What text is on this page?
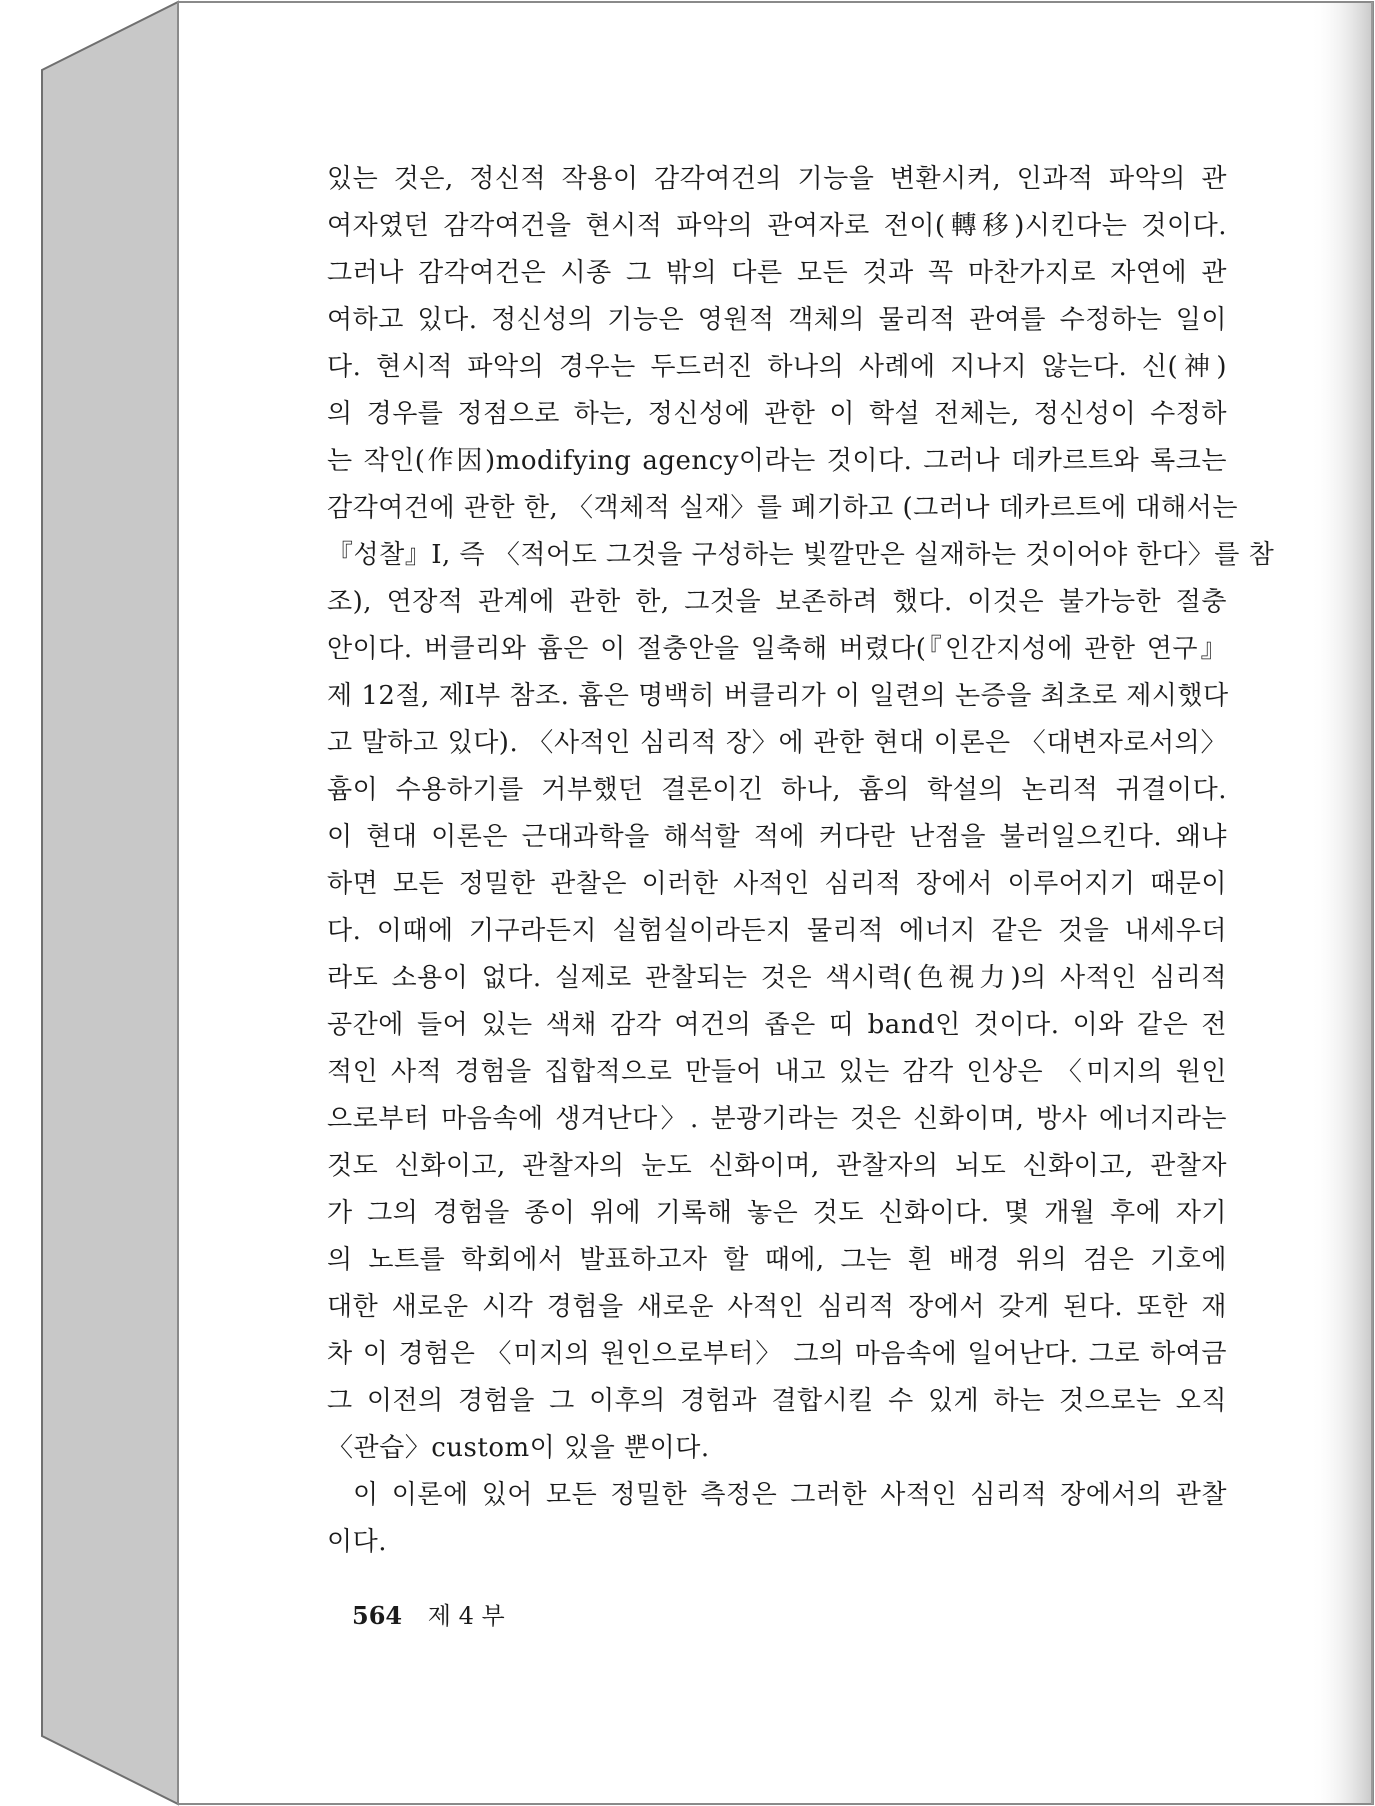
있는 것은, 정신적 작용이 감각여건의 기능을 변환시켜, 인과적 파악의 관
여자였던 감각여건을 현시적 파악의 관여자로 전이(轉移)시킨다는 것이다.
그러나 감각여건은 시종 그 밖의 다른 모든 것과 꼭 마찬가지로 자연에 관
여하고 있다. 정신성의 기능은 영원적 객체의 물리적 관여를 수정하는 일이
다. 현시적 파악의 경우는 두드러진 하나의 사례에 지나지 않는다. 신(神)
의 경우를 정점으로 하는, 정신성에 관한 이 학설 전체는, 정신성이 수정하
는 작인(作因)modifying agency이라는 것이다. 그러나 데카르트와 록크는
감각여건에 관한 한, 〈객체적 실재〉를 폐기하고 (그러나 데카르트에 대해서는
『성찰』Ⅰ, 즉 〈적어도 그것을 구성하는 빛깔만은 실재하는 것이어야 한다〉를 참
조), 연장적 관계에 관한 한, 그것을 보존하려 했다. 이것은 불가능한 절충
안이다. 버클리와 흄은 이 절충안을 일축해 버렸다(『인간지성에 관한 연구』
제 12절, 제Ⅰ부 참조. 흄은 명백히 버클리가 이 일련의 논증을 최초로 제시했다
고 말하고 있다). 〈사적인 심리적 장〉에 관한 현대 이론은 〈대변자로서의〉
흄이 수용하기를 거부했던 결론이긴 하나, 흄의 학설의 논리적 귀결이다.
이 현대 이론은 근대과학을 해석할 적에 커다란 난점을 불러일으킨다. 왜냐
하면 모든 정밀한 관찰은 이러한 사적인 심리적 장에서 이루어지기 때문이
다. 이때에 기구라든지 실험실이라든지 물리적 에너지 같은 것을 내세우더
라도 소용이 없다. 실제로 관찰되는 것은 색시력(色視力)의 사적인 심리적
공간에 들어 있는 색채 감각 여건의 좁은 띠 band인 것이다. 이와 같은 전
적인 사적 경험을 집합적으로 만들어 내고 있는 감각 인상은 〈미지의 원인
으로부터 마음속에 생겨난다〉. 분광기라는 것은 신화이며, 방사 에너지라는
것도 신화이고, 관찰자의 눈도 신화이며, 관찰자의 뇌도 신화이고, 관찰자
가 그의 경험을 종이 위에 기록해 놓은 것도 신화이다. 몇 개월 후에 자기
의 노트를 학회에서 발표하고자 할 때에, 그는 흰 배경 위의 검은 기호에
대한 새로운 시각 경험을 새로운 사적인 심리적 장에서 갖게 된다. 또한 재
차 이 경험은 〈미지의 원인으로부터〉 그의 마음속에 일어난다. 그로 하여금
그 이전의 경험을 그 이후의 경험과 결합시킬 수 있게 하는 것으로는 오직
〈관습〉custom이 있을 뿐이다.
이 이론에 있어 모든 정밀한 측정은 그러한 사적인 심리적 장에서의 관찰
이다.
564 제 4 부
